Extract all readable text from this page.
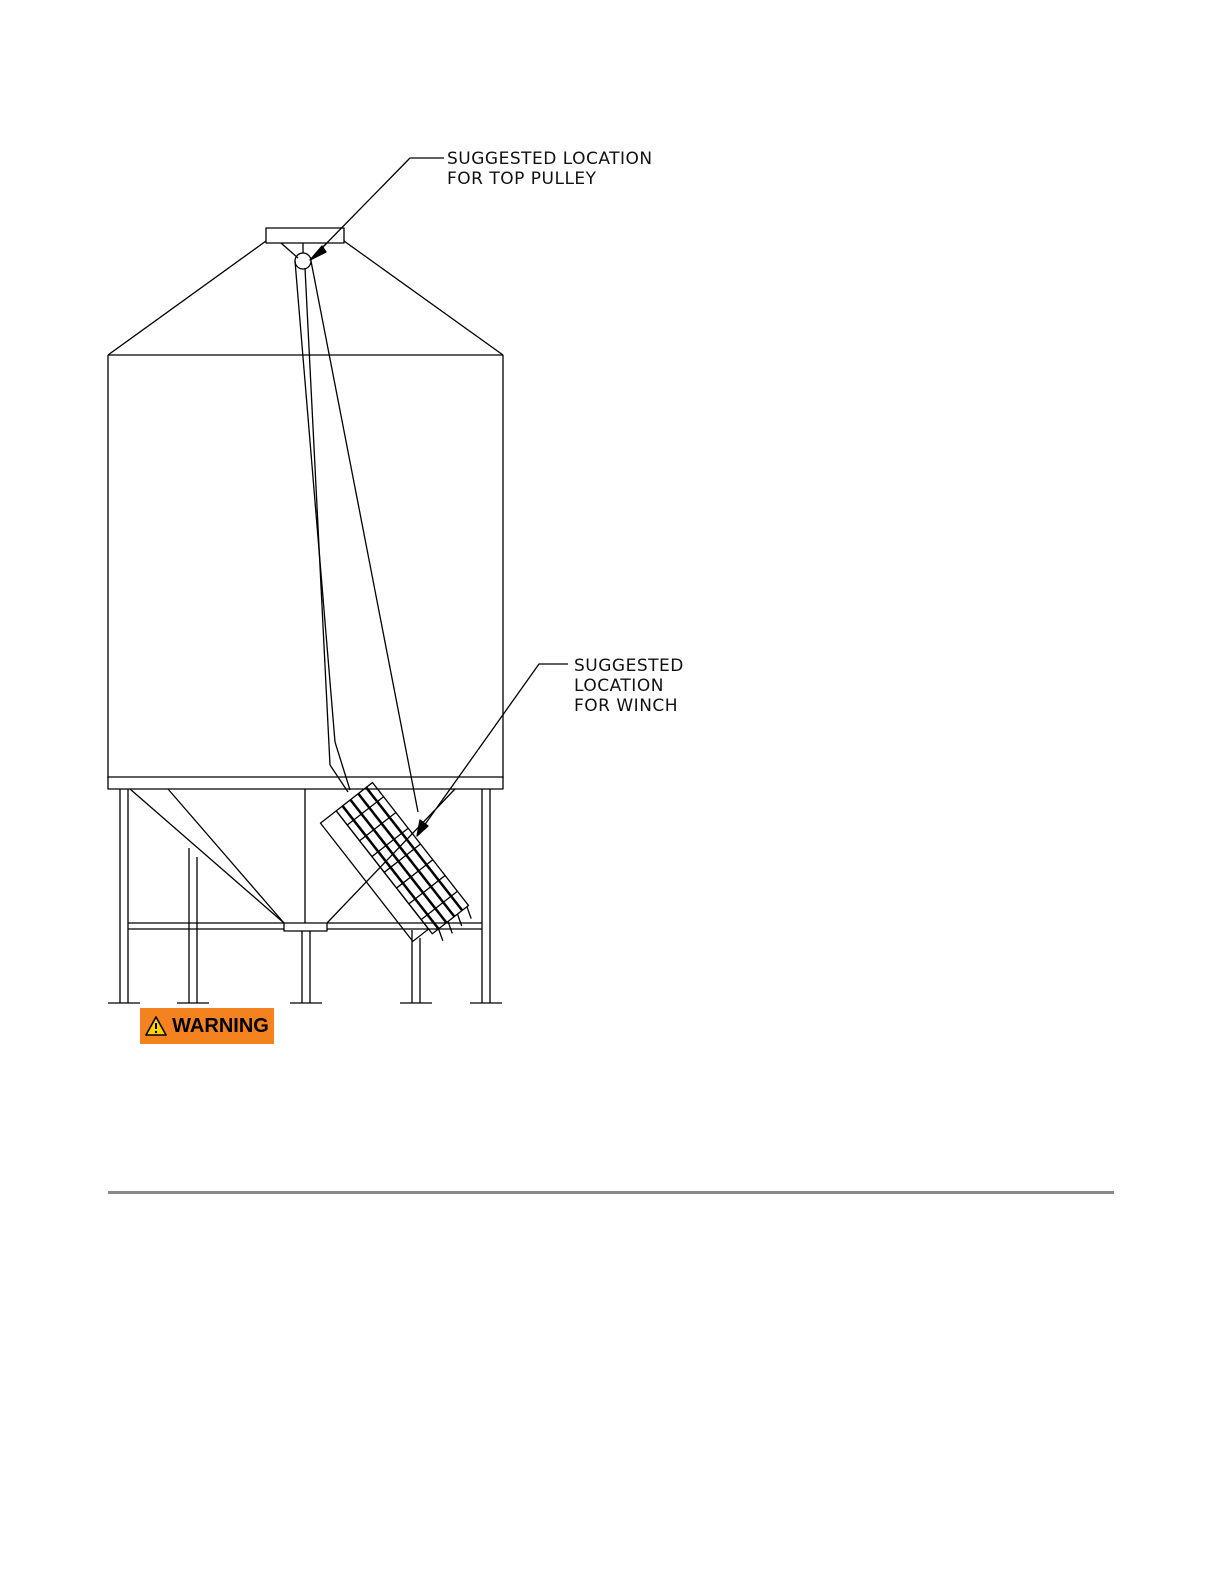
SUGGESTED LOCATION
FOR TOP PULLEY
SUGGESTED
LOCATION
FOR WINCH
WARNING
